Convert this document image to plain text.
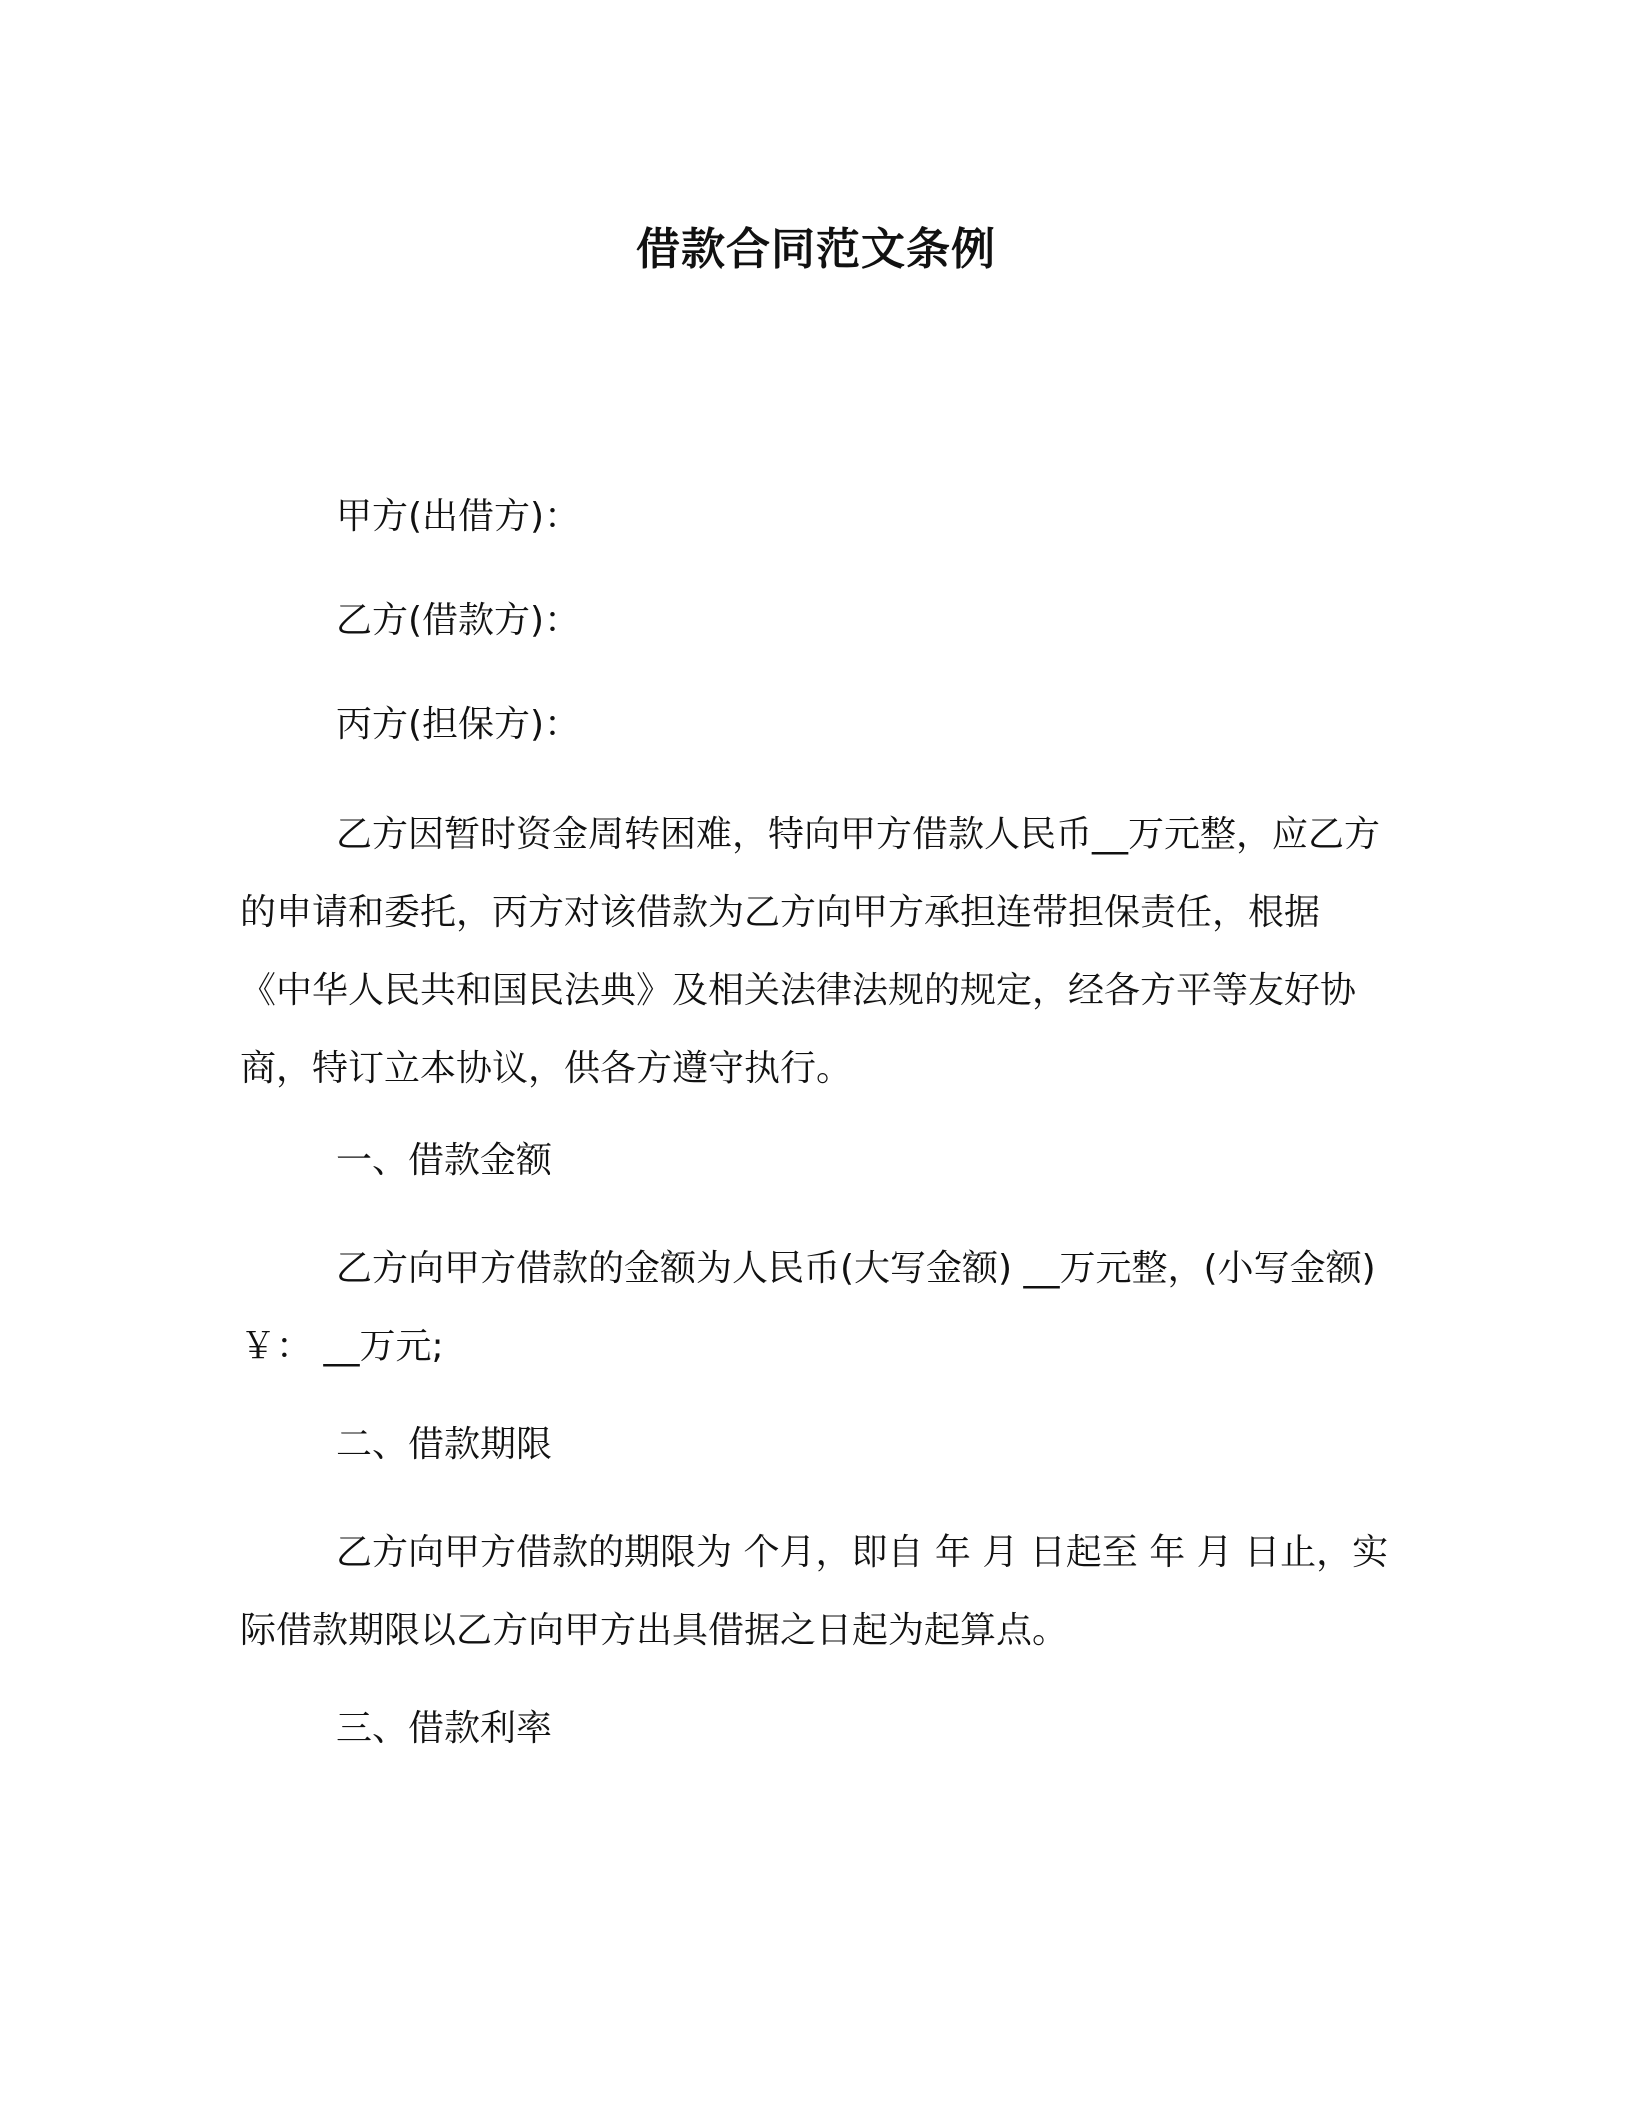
借款合同范文条例
甲方(出借方)：
乙方(借款方)：
丙方(担保方)：

乙方因暂时资金周转困难，特向甲方借款人民币__万元整，应乙方的申请和委托，丙方对该借款为乙方向甲方承担连带担保责任，根据《中华人民共和国民法典》及相关法律法规的规定，经各方平等友好协商，特订立本协议，供各方遵守执行。

一、借款金额

乙方向甲方借款的金额为人民币(大写金额) __万元整，(小写金额)￥： __万元;

二、借款期限

乙方向甲方借款的期限为 个月，即自 年 月 日起至 年 月 日止，实际借款期限以乙方向甲方出具借据之日起为起算点。

三、借款利率
